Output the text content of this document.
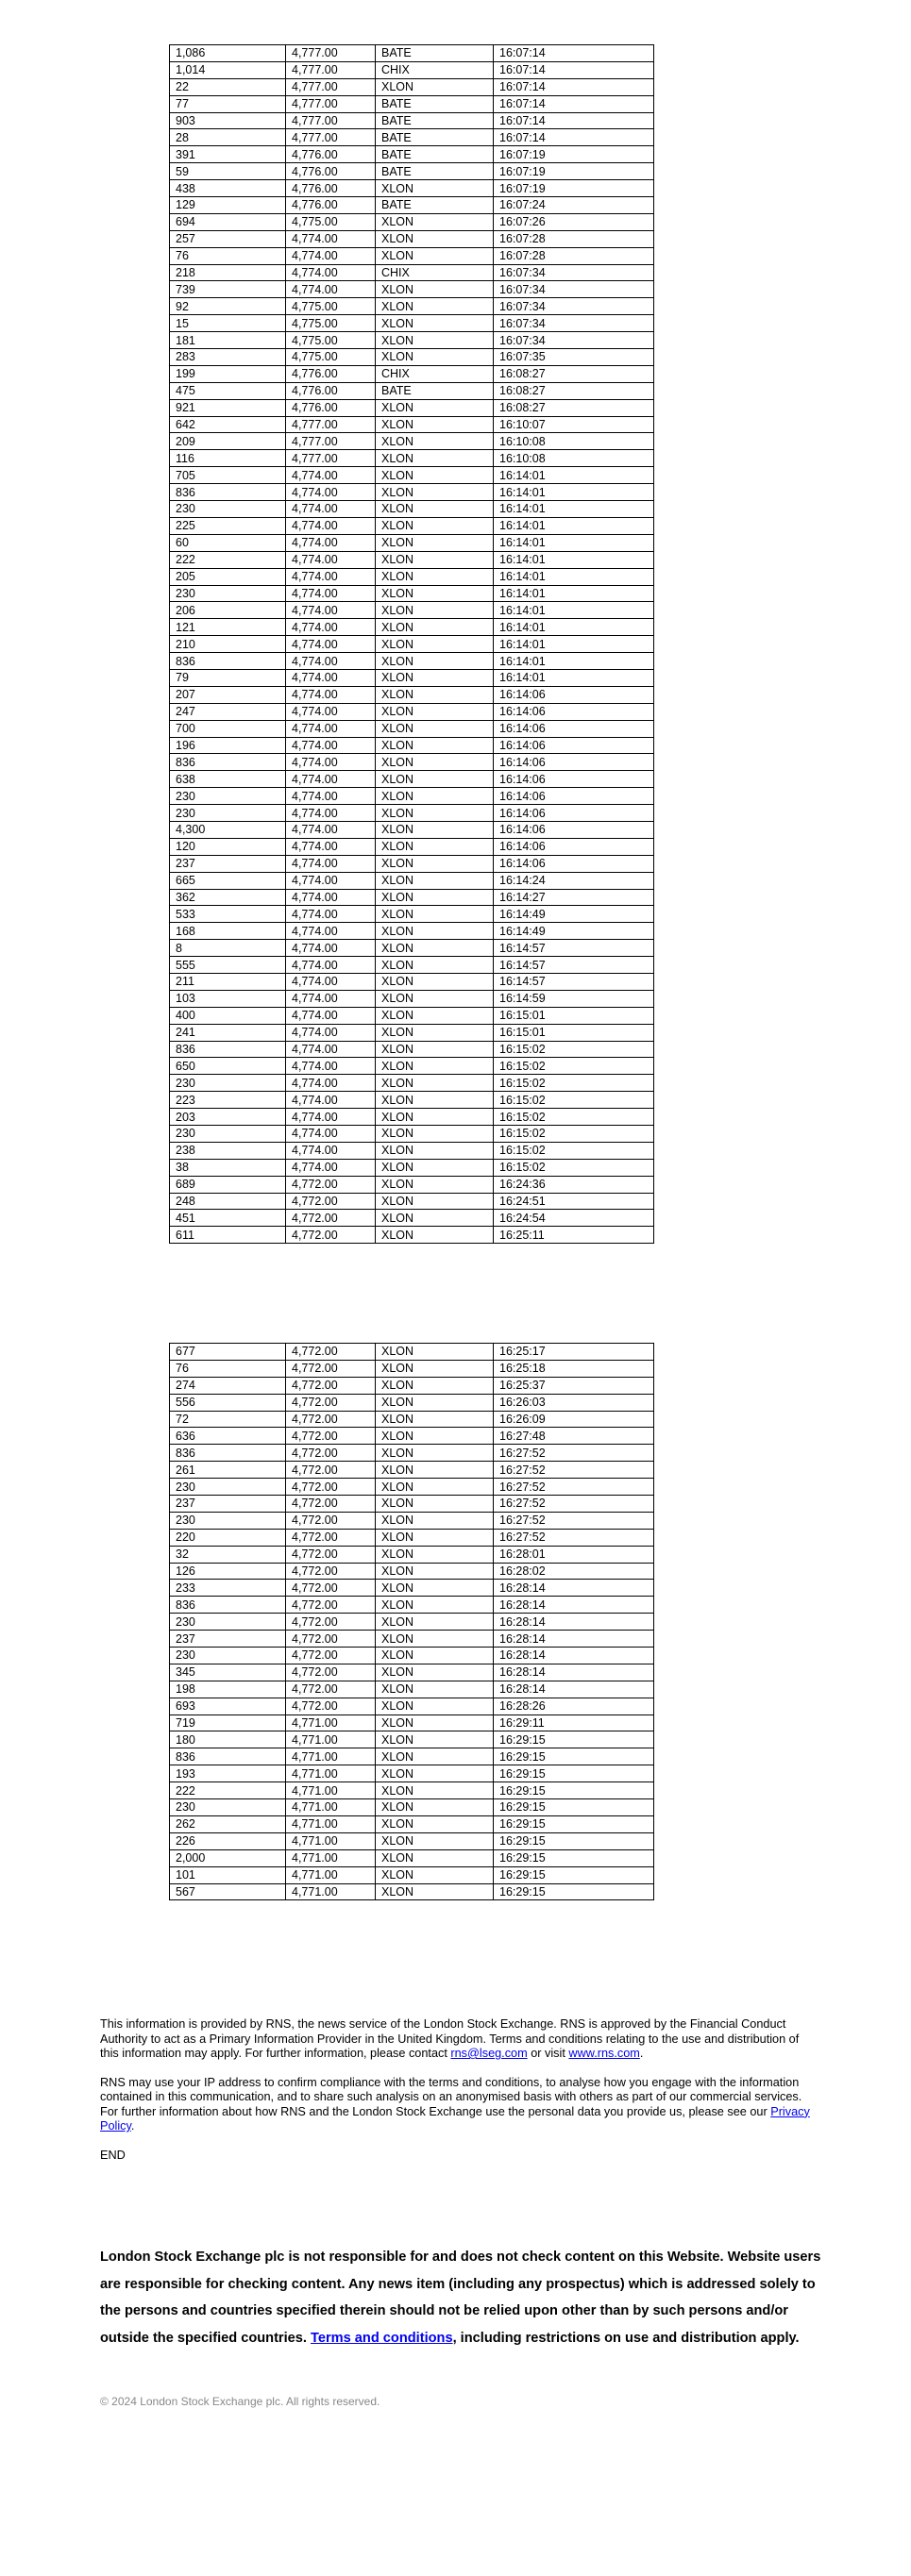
1,086	4,777.00	BATE	16:07:14
1,014	4,777.00	CHIX	16:07:14
22	4,777.00	XLON	16:07:14
77	4,777.00	BATE	16:07:14
903	4,777.00	BATE	16:07:14
28	4,777.00	BATE	16:07:14
391	4,776.00	BATE	16:07:19
59	4,776.00	BATE	16:07:19
438	4,776.00	XLON	16:07:19
129	4,776.00	BATE	16:07:24
694	4,775.00	XLON	16:07:26
257	4,774.00	XLON	16:07:28
76	4,774.00	XLON	16:07:28
218	4,774.00	CHIX	16:07:34
739	4,774.00	XLON	16:07:34
92	4,775.00	XLON	16:07:34
15	4,775.00	XLON	16:07:34
181	4,775.00	XLON	16:07:34
283	4,775.00	XLON	16:07:35
199	4,776.00	CHIX	16:08:27
475	4,776.00	BATE	16:08:27
921	4,776.00	XLON	16:08:27
642	4,777.00	XLON	16:10:07
209	4,777.00	XLON	16:10:08
116	4,777.00	XLON	16:10:08
705	4,774.00	XLON	16:14:01
836	4,774.00	XLON	16:14:01
230	4,774.00	XLON	16:14:01
225	4,774.00	XLON	16:14:01
60	4,774.00	XLON	16:14:01
222	4,774.00	XLON	16:14:01
205	4,774.00	XLON	16:14:01
230	4,774.00	XLON	16:14:01
206	4,774.00	XLON	16:14:01
121	4,774.00	XLON	16:14:01
210	4,774.00	XLON	16:14:01
836	4,774.00	XLON	16:14:01
79	4,774.00	XLON	16:14:01
207	4,774.00	XLON	16:14:06
247	4,774.00	XLON	16:14:06
700	4,774.00	XLON	16:14:06
196	4,774.00	XLON	16:14:06
836	4,774.00	XLON	16:14:06
638	4,774.00	XLON	16:14:06
230	4,774.00	XLON	16:14:06
230	4,774.00	XLON	16:14:06
4,300	4,774.00	XLON	16:14:06
120	4,774.00	XLON	16:14:06
237	4,774.00	XLON	16:14:06
665	4,774.00	XLON	16:14:24
362	4,774.00	XLON	16:14:27
533	4,774.00	XLON	16:14:49
168	4,774.00	XLON	16:14:49
8	4,774.00	XLON	16:14:57
555	4,774.00	XLON	16:14:57
211	4,774.00	XLON	16:14:57
103	4,774.00	XLON	16:14:59
400	4,774.00	XLON	16:15:01
241	4,774.00	XLON	16:15:01
836	4,774.00	XLON	16:15:02
650	4,774.00	XLON	16:15:02
230	4,774.00	XLON	16:15:02
223	4,774.00	XLON	16:15:02
203	4,774.00	XLON	16:15:02
230	4,774.00	XLON	16:15:02
238	4,774.00	XLON	16:15:02
38	4,774.00	XLON	16:15:02
689	4,772.00	XLON	16:24:36
248	4,772.00	XLON	16:24:51
451	4,772.00	XLON	16:24:54
611	4,772.00	XLON	16:25:11
677	4,772.00	XLON	16:25:17
76	4,772.00	XLON	16:25:18
274	4,772.00	XLON	16:25:37
556	4,772.00	XLON	16:26:03
72	4,772.00	XLON	16:26:09
636	4,772.00	XLON	16:27:48
836	4,772.00	XLON	16:27:52
261	4,772.00	XLON	16:27:52
230	4,772.00	XLON	16:27:52
237	4,772.00	XLON	16:27:52
230	4,772.00	XLON	16:27:52
220	4,772.00	XLON	16:27:52
32	4,772.00	XLON	16:28:01
126	4,772.00	XLON	16:28:02
233	4,772.00	XLON	16:28:14
836	4,772.00	XLON	16:28:14
230	4,772.00	XLON	16:28:14
237	4,772.00	XLON	16:28:14
230	4,772.00	XLON	16:28:14
345	4,772.00	XLON	16:28:14
198	4,772.00	XLON	16:28:14
693	4,772.00	XLON	16:28:26
719	4,771.00	XLON	16:29:11
180	4,771.00	XLON	16:29:15
836	4,771.00	XLON	16:29:15
193	4,771.00	XLON	16:29:15
222	4,771.00	XLON	16:29:15
230	4,771.00	XLON	16:29:15
262	4,771.00	XLON	16:29:15
226	4,771.00	XLON	16:29:15
2,000	4,771.00	XLON	16:29:15
101	4,771.00	XLON	16:29:15
567	4,771.00	XLON	16:29:15

This information is provided by RNS, the news service of the London Stock Exchange. RNS is approved by the Financial Conduct Authority to act as a Primary Information Provider in the United Kingdom. Terms and conditions relating to the use and distribution of this information may apply. For further information, please contact rns@lseg.com or visit www.rns.com.

RNS may use your IP address to confirm compliance with the terms and conditions, to analyse how you engage with the information contained in this communication, and to share such analysis on an anonymised basis with others as part of our commercial services. For further information about how RNS and the London Stock Exchange use the personal data you provide us, please see our Privacy Policy.

END

London Stock Exchange plc is not responsible for and does not check content on this Website. Website users are responsible for checking content. Any news item (including any prospectus) which is addressed solely to the persons and countries specified therein should not be relied upon other than by such persons and/or outside the specified countries. Terms and conditions, including restrictions on use and distribution apply.
© 2024 London Stock Exchange plc. All rights reserved.
